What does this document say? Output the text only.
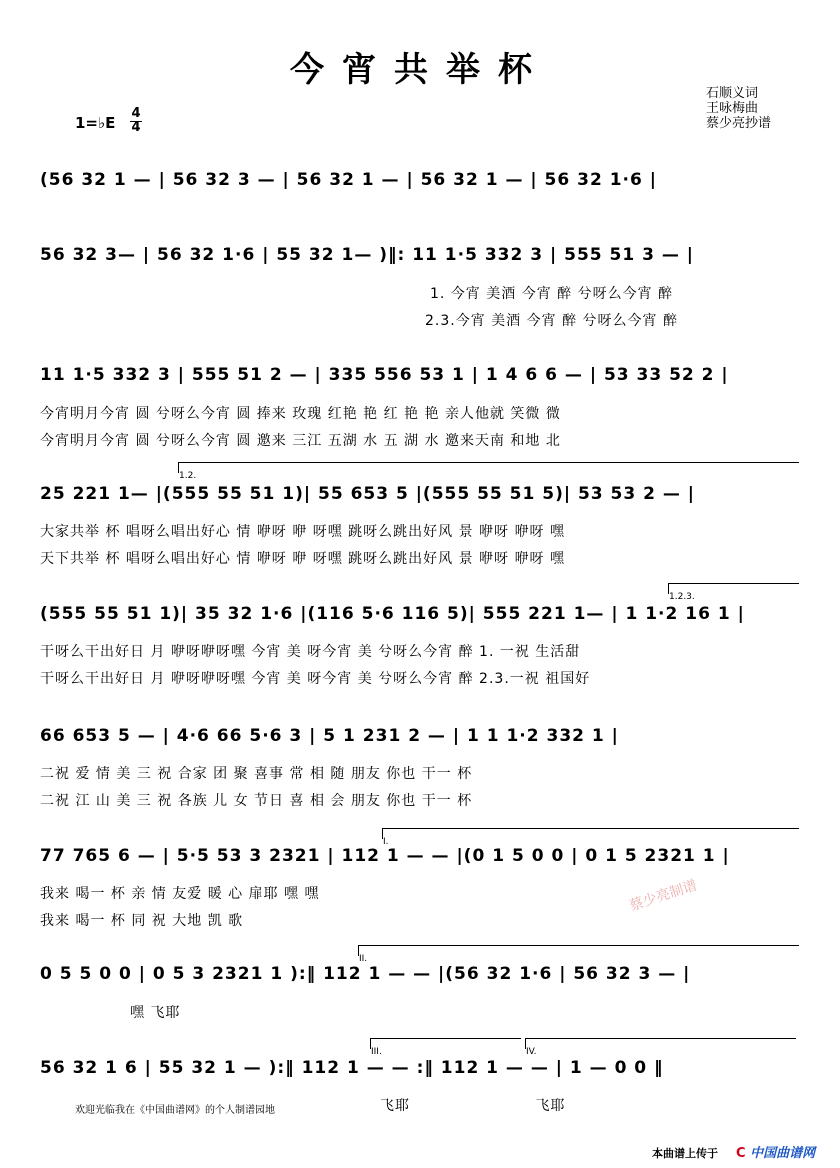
今宵共举杯
石顺义词
王咏梅曲
蔡少亮抄谱
1=♭E
4
4
(56 32 1 — | 56 32 3 — | 56 32 1 — | 56 32 1 — | 56 32 1·6 |
56 32 3— | 56 32 1·6 | 55 32 1— )‖: 11 1·5 332 3 | 555 51 3 — |
1. 今宵 美酒 今宵 醉 兮呀么今宵 醉
2.3.今宵 美酒 今宵 醉 兮呀么今宵 醉
11 1·5 332 3 | 555 51 2 — | 335 556 53 1 | 1 4 6 6 — | 53 33 52 2 |
今宵明月今宵 圆 兮呀么今宵 圆 捧来 玫瑰 红艳 艳 红 艳 艳 亲人他就 笑微 微
今宵明月今宵 圆 兮呀么今宵 圆 邀来 三江 五湖 水 五 湖 水 邀来天南 和地 北
1.2.
25 221 1— |(555 55 51 1)| 55 653 5 |(555 55 51 5)| 53 53 2 — |
大家共举 杯 唱呀么唱出好心 情 咿呀 咿 呀嘿 跳呀么跳出好风 景 咿呀 咿呀 嘿
天下共举 杯 唱呀么唱出好心 情 咿呀 咿 呀嘿 跳呀么跳出好风 景 咿呀 咿呀 嘿
1.2.3.
(555 55 51 1)| 35 32 1·6 |(116 5·6 116 5)| 555 221 1— | 1 1·2 16 1 |
干呀么干出好日 月 咿呀咿呀嘿 今宵 美 呀今宵 美 兮呀么今宵 醉 1. 一祝 生活甜
干呀么干出好日 月 咿呀咿呀嘿 今宵 美 呀今宵 美 兮呀么今宵 醉 2.3.一祝 祖国好
66 653 5 — | 4·6 66 5·6 3 | 5 1 231 2 — | 1 1 1·2 332 1 |
二祝 爱 情 美 三 祝 合家 团 聚 喜事 常 相 随 朋友 你也 干一 杯
二祝 江 山 美 三 祝 各族 儿 女 节日 喜 相 会 朋友 你也 干一 杯
I.
77 765 6 — | 5·5 53 3 2321 | 112 1 — — |(0 1 5 0 0 | 0 1 5 2321 1 |
我来 喝一 杯 亲 情 友爱 暖 心 扉耶 嘿 嘿
我来 喝一 杯 同 祝 大地 凯 歌
II.
0 5 5 0 0 | 0 5 3 2321 1 ):‖ 112 1 — — |(56 32 1·6 | 56 32 3 — |
嘿 飞耶
III.	IV.
56 32 1 6 | 55 32 1 — ):‖ 112 1 — — :‖ 112 1 — — | 1 — 0 0 ‖
飞耶 飞耶
蔡少亮制谱
欢迎光临我在《中国曲谱网》的个人制谱园地
本曲谱上传于 C 中国曲谱网
